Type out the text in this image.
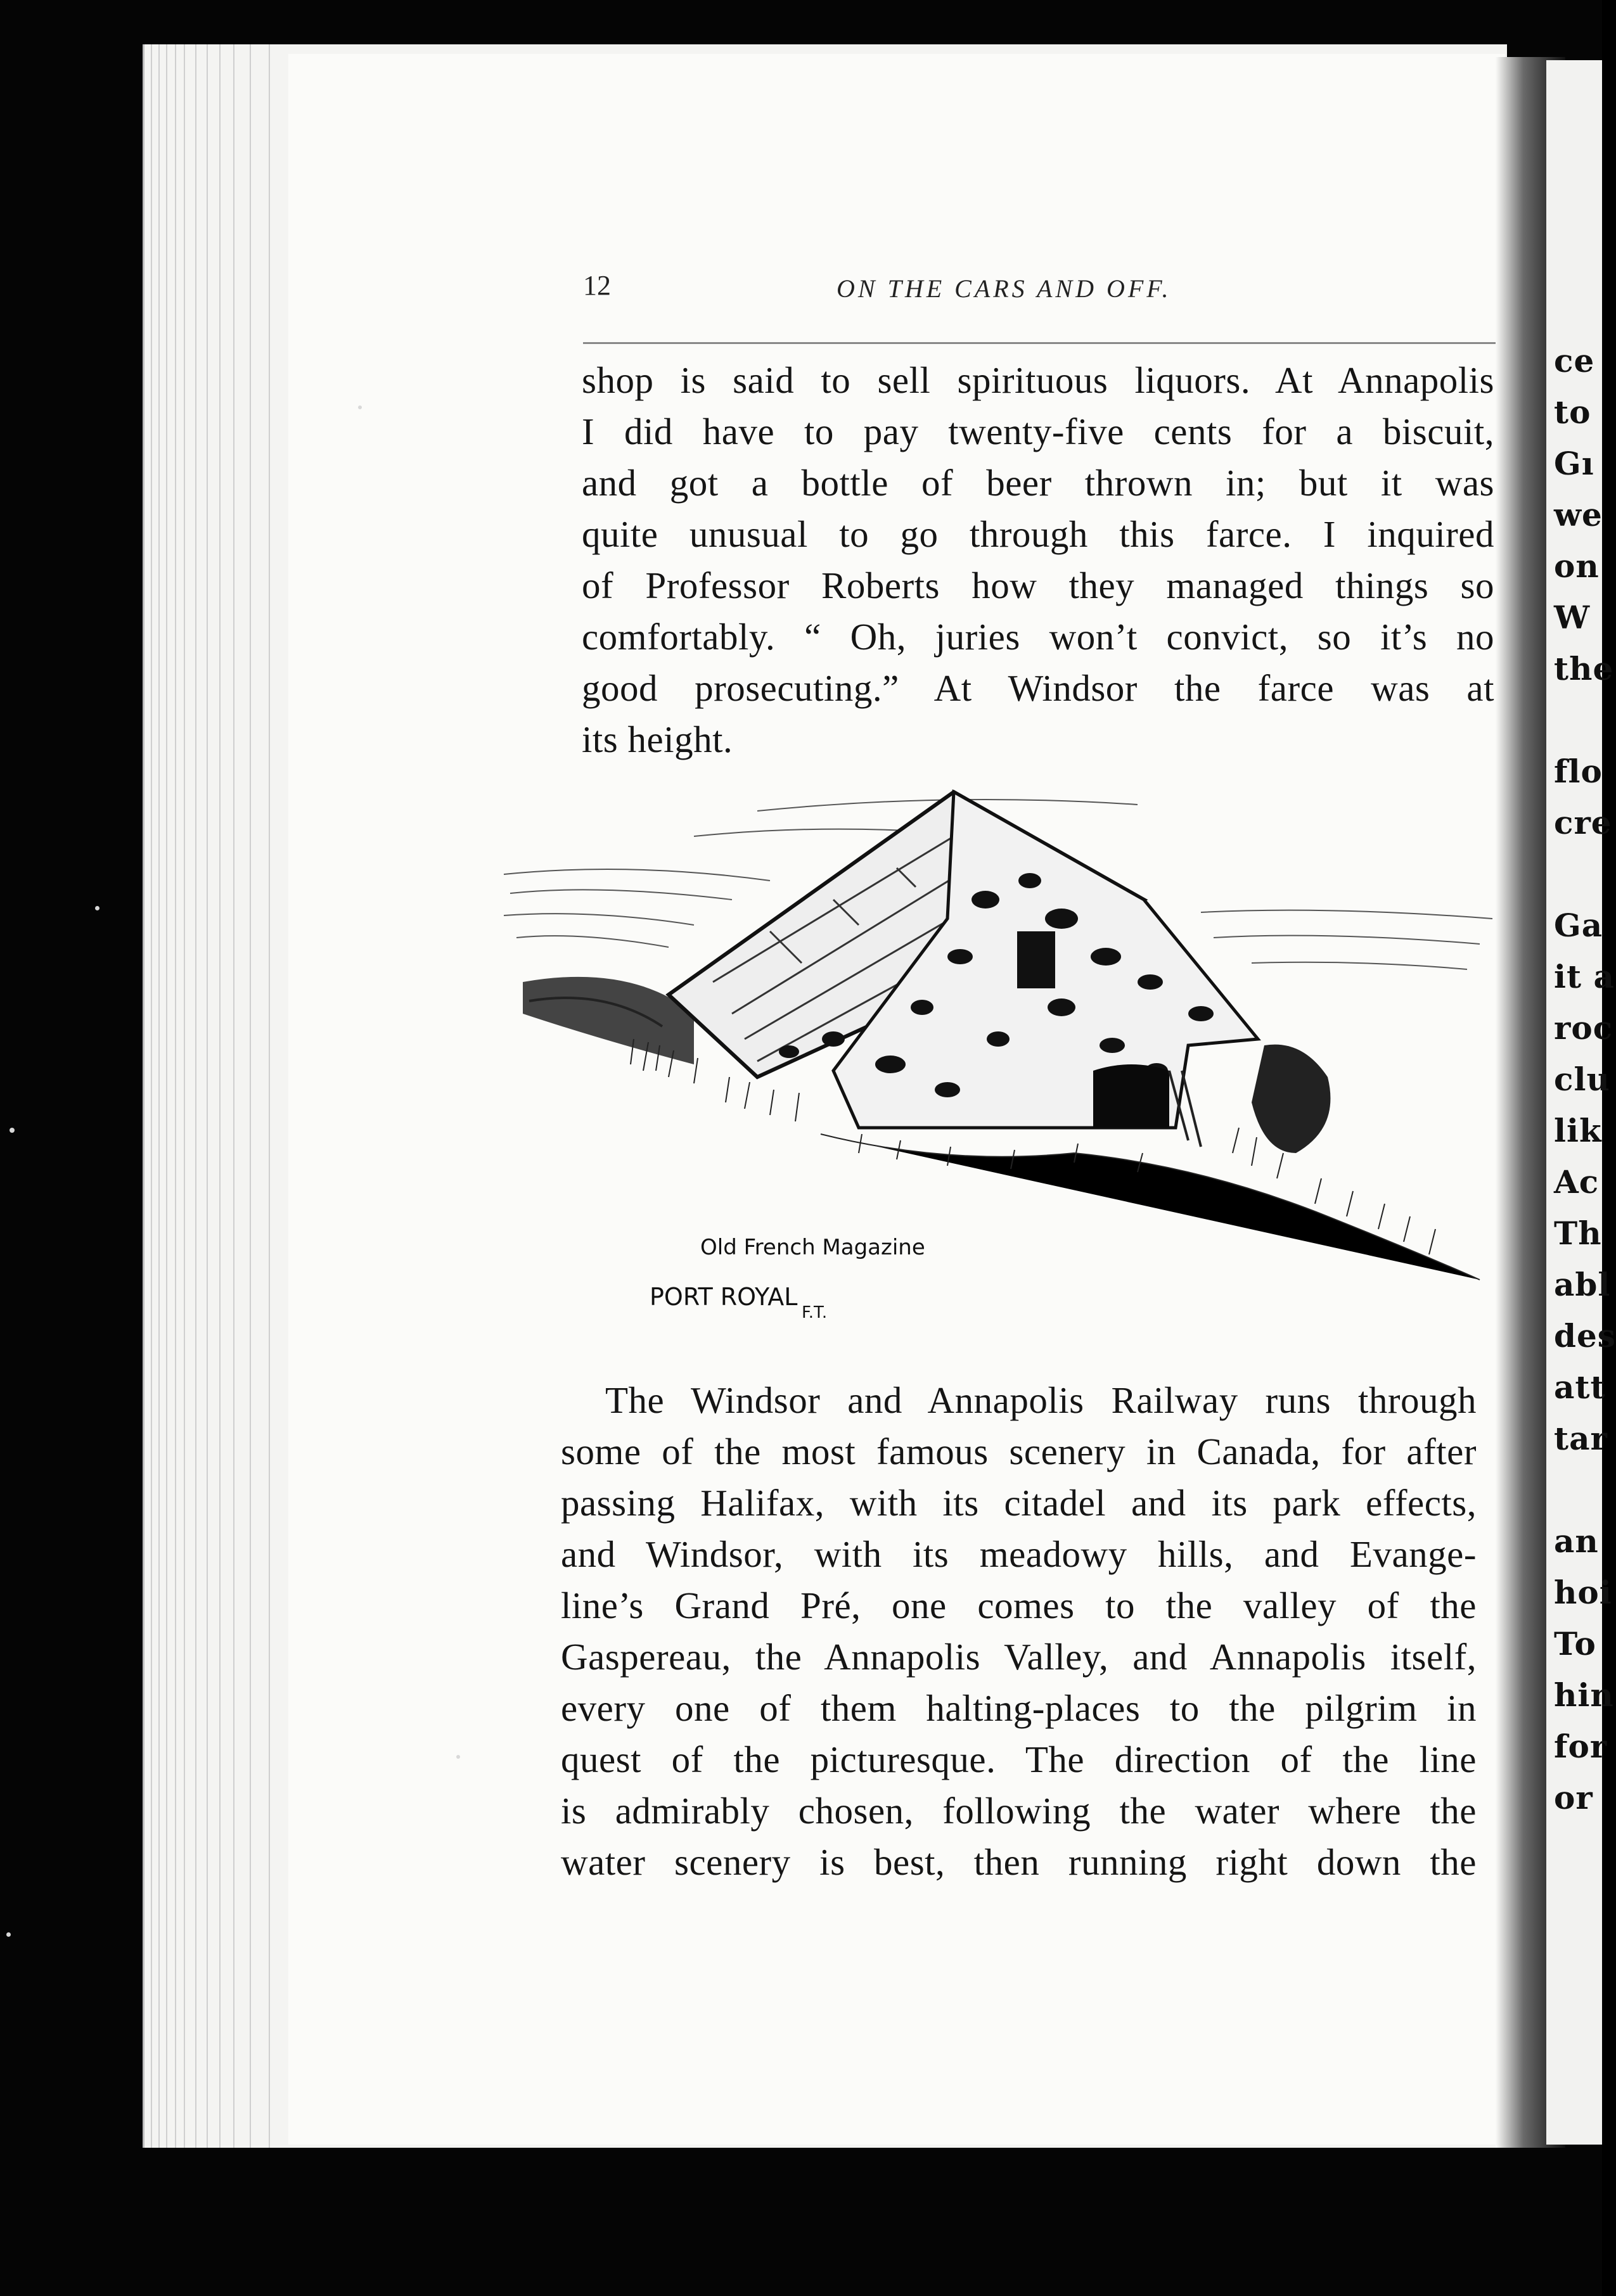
ce
to
Gı
we
on
W
the
flo
cre
Ga
it a
roc
clu
lik
Ac
Th
abl
des
att
tar
an
hoi
To
hin
for
or
12	ON THE CARS AND OFF.
shop is said to sell spirituous liquors. At Annapolis
I did have to pay twenty-five cents for a biscuit,
and got a bottle of beer thrown in; but it was
quite unusual to go through this farce. I inquired
of Professor Roberts how they managed things so
comfortably. “ Oh, juries won’t convict, so it’s no
good prosecuting.” At Windsor the farce was at
its height.
Old French Magazine
PORT ROYAL
F.T.
The Windsor and Annapolis Railway runs through
some of the most famous scenery in Canada, for after
passing Halifax, with its citadel and its park effects,
and Windsor, with its meadowy hills, and Evange-
line’s Grand Pré, one comes to the valley of the
Gaspereau, the Annapolis Valley, and Annapolis itself,
every one of them halting-places to the pilgrim in
quest of the picturesque. The direction of the line
is admirably chosen, following the water where the
water scenery is best, then running right down the
